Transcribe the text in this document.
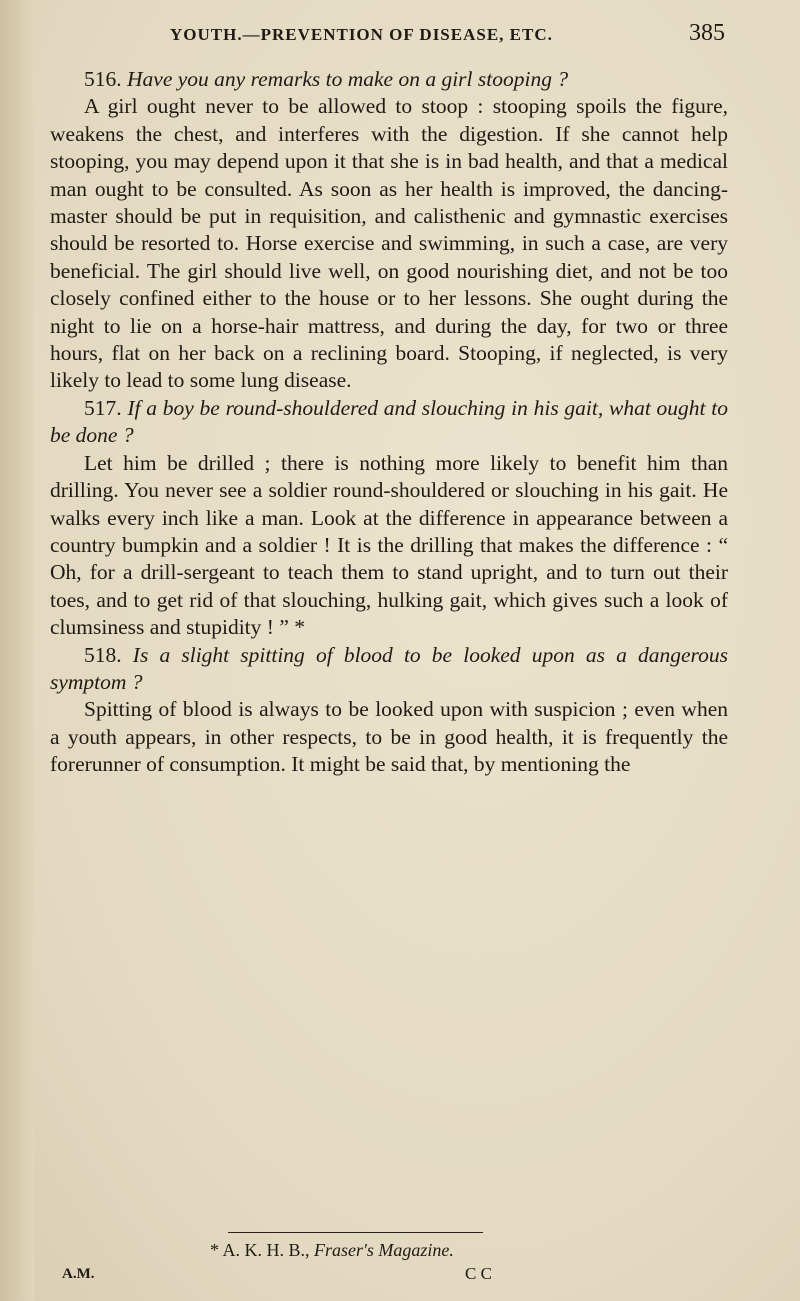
YOUTH.—PREVENTION OF DISEASE, ETC.	385

516. Have you any remarks to make on a girl stooping ?

A girl ought never to be allowed to stoop : stooping spoils the figure, weakens the chest, and interferes with the digestion. If she cannot help stooping, you may depend upon it that she is in bad health, and that a medical man ought to be consulted. As soon as her health is improved, the dancing-master should be put in requisition, and calisthenic and gymnastic exercises should be resorted to. Horse exercise and swimming, in such a case, are very beneficial. The girl should live well, on good nourishing diet, and not be too closely confined either to the house or to her lessons. She ought during the night to lie on a horse-hair mattress, and during the day, for two or three hours, flat on her back on a reclining board. Stooping, if neglected, is very likely to lead to some lung disease.

517. If a boy be round-shouldered and slouching in his gait, what ought to be done ?

Let him be drilled ; there is nothing more likely to benefit him than drilling. You never see a soldier round-shouldered or slouching in his gait. He walks every inch like a man. Look at the difference in appearance between a country bumpkin and a soldier ! It is the drilling that makes the difference : “ Oh, for a drill-sergeant to teach them to stand upright, and to turn out their toes, and to get rid of that slouching, hulking gait, which gives such a look of clumsiness and stupidity ! ” *

518. Is a slight spitting of blood to be looked upon as a dangerous symptom ?

Spitting of blood is always to be looked upon with suspicion ; even when a youth appears, in other respects, to be in good health, it is frequently the forerunner of consumption. It might be said that, by mentioning the

* A. K. H. B., Fraser's Magazine.
A.M.	C C
